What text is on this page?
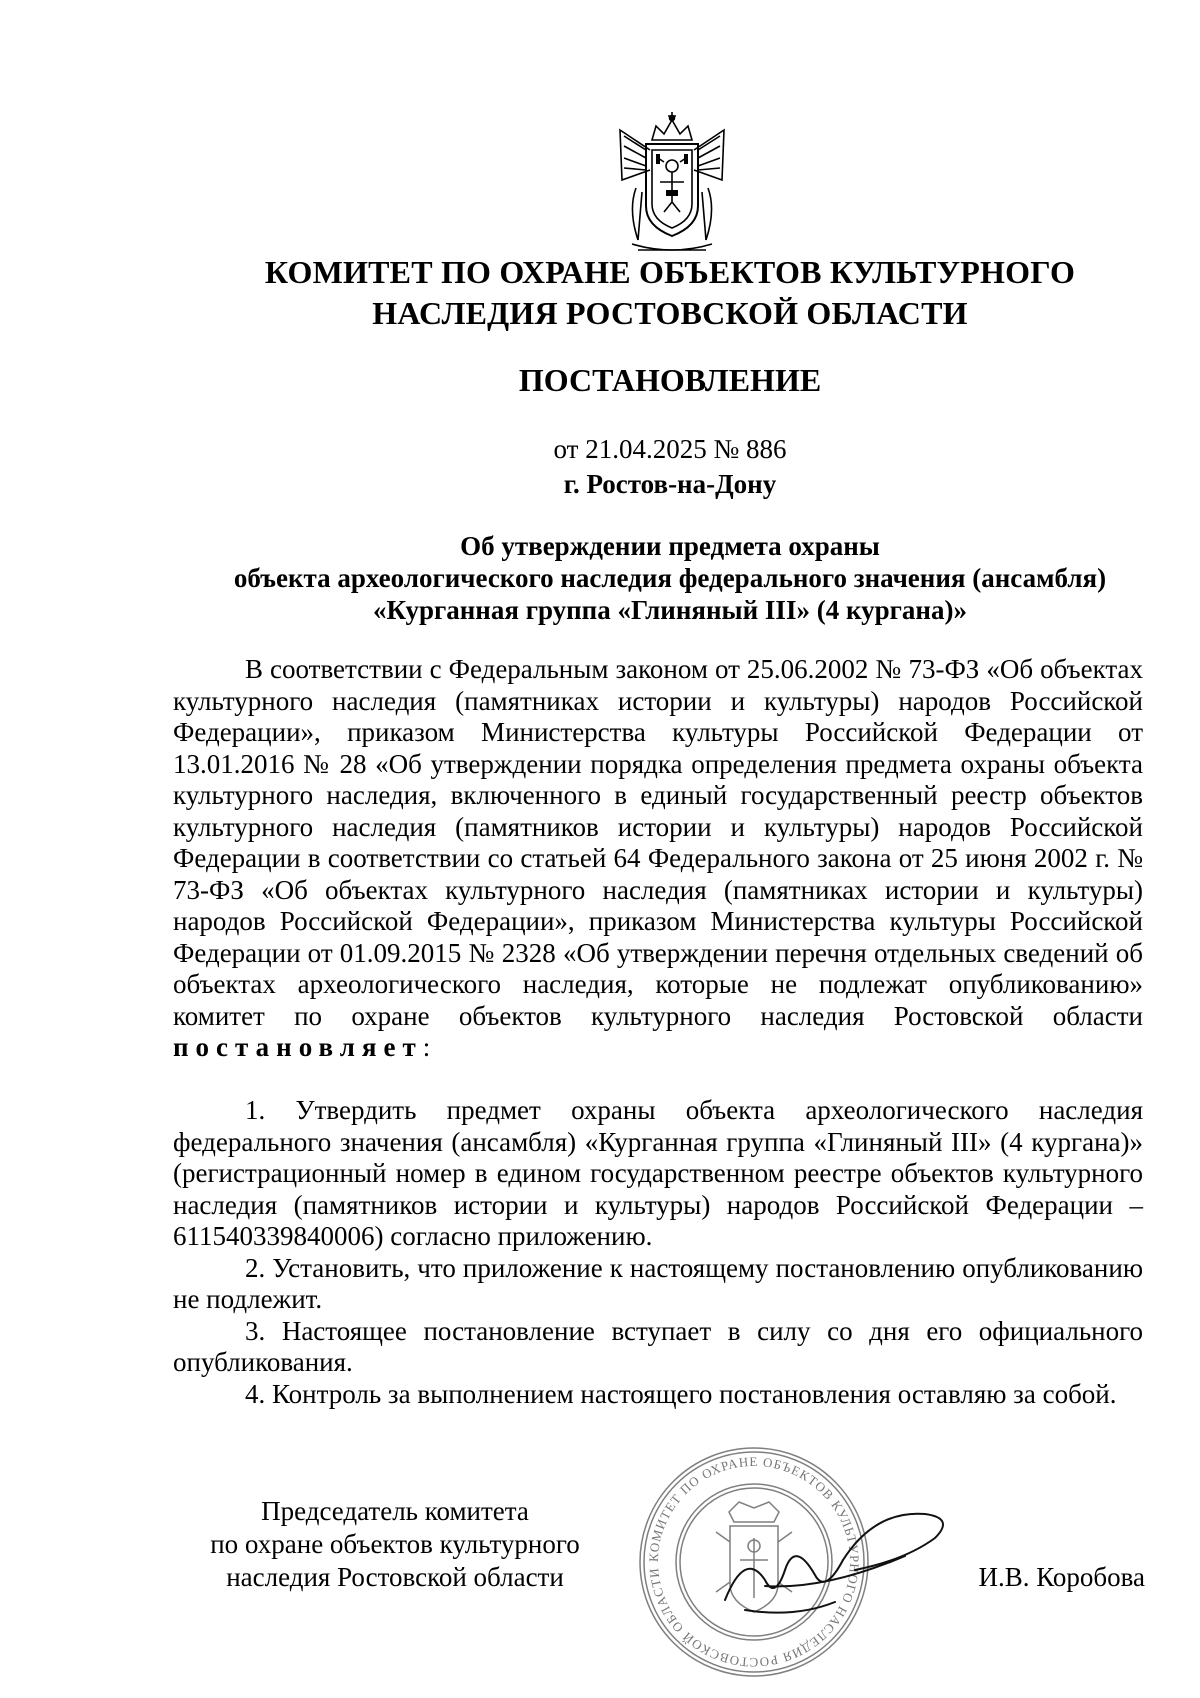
КОМИТЕТ ПО ОХРАНЕ ОБЪЕКТОВ КУЛЬТУРНОГО
НАСЛЕДИЯ РОСТОВСКОЙ ОБЛАСТИ
ПОСТАНОВЛЕНИЕ
от 21.04.2025 № 886
г. Ростов-на-Дону
Об утверждении предмета охраны
объекта археологического наследия федерального значения (ансамбля)
«Курганная группа «Глиняный III» (4 кургана)»

В соответствии с Федеральным законом от 25.06.2002 № 73-ФЗ «Об объектах культурного наследия (памятниках истории и культуры) народов Российской Федерации», приказом Министерства культуры Российской Федерации от 13.01.2016 № 28 «Об утверждении порядка определения предмета охраны объекта культурного наследия, включенного в единый государственный реестр объектов культурного наследия (памятников истории и культуры) народов Российской Федерации в соответствии со статьей 64 Федерального закона от 25 июня 2002 г. № 73-ФЗ «Об объектах культурного наследия (памятниках истории и культуры) народов Российской Федерации», приказом Министерства культуры Российской Федерации от 01.09.2015 № 2328 «Об утверждении перечня отдельных сведений об объектах археологического наследия, которые не подлежат опубликованию» комитет по охране объектов культурного наследия Ростовской области постановляет:

1. Утвердить предмет охраны объекта археологического наследия федерального значения (ансамбля) «Курганная группа «Глиняный III» (4 кургана)» (регистрационный номер в едином государственном реестре объектов культурного наследия (памятников истории и культуры) народов Российской Федерации – 611540339840006) согласно приложению.

2. Установить, что приложение к настоящему постановлению опубликованию не подлежит.

3. Настоящее постановление вступает в силу со дня его официального опубликования.

4. Контроль за выполнением настоящего постановления оставляю за собой.

Председатель комитета
по охране объектов культурного
наследия Ростовской области
КОМИТЕТ ПО ОХРАНЕ ОБЪЕКТОВ КУЛЬТУРНОГО НАСЛЕДИЯ РОСТОВСКОЙ ОБЛАСТИ	И.В. Коробова
